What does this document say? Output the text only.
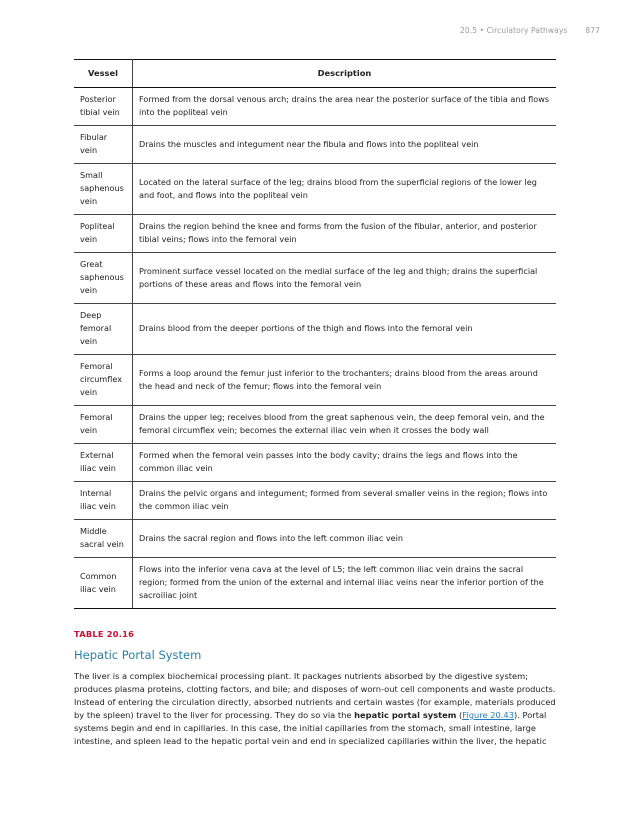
20.5 • Circulatory Pathways 877
Vessel	Description
Posterior tibial vein	Formed from the dorsal venous arch; drains the area near the posterior surface of the tibia and flows into the popliteal vein
Fibular vein	Drains the muscles and integument near the fibula and flows into the popliteal vein
Small saphenous vein	Located on the lateral surface of the leg; drains blood from the superficial regions of the lower leg and foot, and flows into the popliteal vein
Popliteal vein	Drains the region behind the knee and forms from the fusion of the fibular, anterior, and posterior tibial veins; flows into the femoral vein
Great saphenous vein	Prominent surface vessel located on the medial surface of the leg and thigh; drains the superficial portions of these areas and flows into the femoral vein
Deep femoral vein	Drains blood from the deeper portions of the thigh and flows into the femoral vein
Femoral circumflex vein	Forms a loop around the femur just inferior to the trochanters; drains blood from the areas around the head and neck of the femur; flows into the femoral vein
Femoral vein	Drains the upper leg; receives blood from the great saphenous vein, the deep femoral vein, and the femoral circumflex vein; becomes the external iliac vein when it crosses the body wall
External iliac vein	Formed when the femoral vein passes into the body cavity; drains the legs and flows into the common iliac vein
Internal iliac vein	Drains the pelvic organs and integument; formed from several smaller veins in the region; flows into the common iliac vein
Middle sacral vein	Drains the sacral region and flows into the left common iliac vein
Common iliac vein	Flows into the inferior vena cava at the level of L5; the left common iliac vein drains the sacral region; formed from the union of the external and internal iliac veins near the inferior portion of the sacroiliac joint
TABLE 20.16
Hepatic Portal System

The liver is a complex biochemical processing plant. It packages nutrients absorbed by the digestive system; produces plasma proteins, clotting factors, and bile; and disposes of worn-out cell components and waste products. Instead of entering the circulation directly, absorbed nutrients and certain wastes (for example, materials produced by the spleen) travel to the liver for processing. They do so via the hepatic portal system (Figure 20.43). Portal systems begin and end in capillaries. In this case, the initial capillaries from the stomach, small intestine, large intestine, and spleen lead to the hepatic portal vein and end in specialized capillaries within the liver, the hepatic
